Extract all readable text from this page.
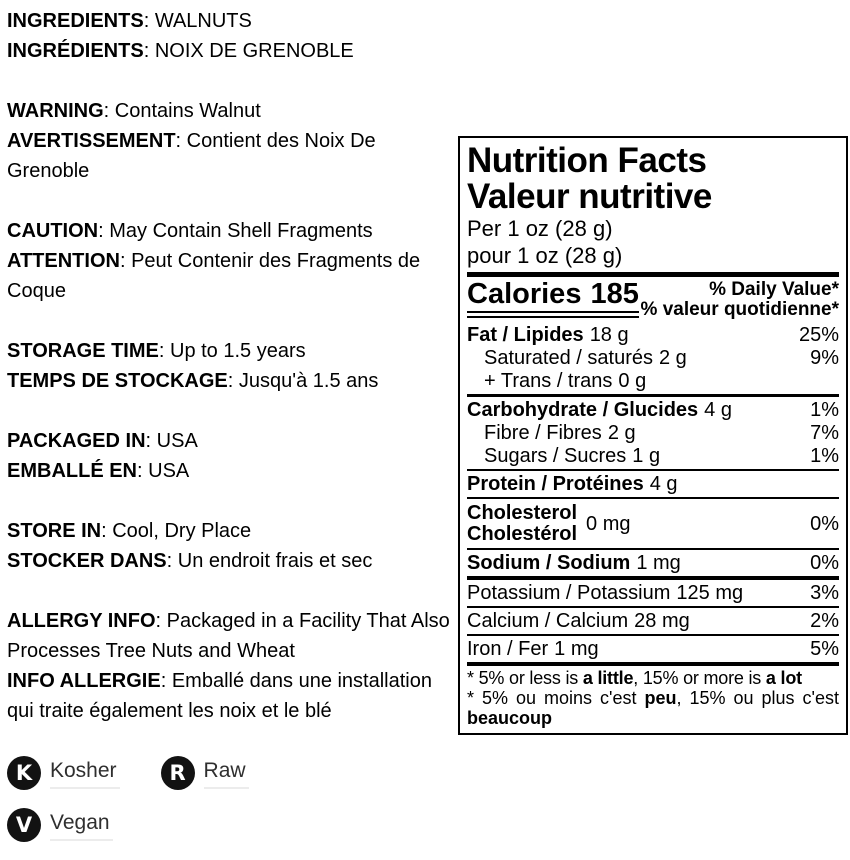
INGREDIENTS: WALNUTS
INGRÉDIENTS: NOIX DE GRENOBLE
WARNING: Contains Walnut
AVERTISSEMENT: Contient des Noix De Grenoble
CAUTION: May Contain Shell Fragments
ATTENTION: Peut Contenir des Fragments de Coque
STORAGE TIME: Up to 1.5 years
TEMPS DE STOCKAGE: Jusqu'à 1.5 ans
PACKAGED IN: USA
EMBALLÉ EN: USA
STORE IN: Cool, Dry Place
STOCKER DANS: Un endroit frais et sec
ALLERGY INFO: Packaged in a Facility That Also Processes Tree Nuts and Wheat
INFO ALLERGIE: Emballé dans une installation qui traite également les noix et le blé
K Kosher	R Raw
V Vegan
Nutrition Facts
Valeur nutritive
Per 1 oz (28 g)
pour 1 oz (28 g)
Calories 185	% Daily Value*
% valeur quotidienne*
Fat / Lipides 18 g	25%
Saturated / saturés 2 g	9%
+ Trans / trans 0 g
Carbohydrate / Glucides 4 g	1%
Fibre / Fibres 2 g	7%
Sugars / Sucres 1 g	1%
Protein / Protéines 4 g
Cholesterol
Cholestérol 0 mg	0%
Sodium / Sodium 1 mg	0%
Potassium / Potassium 125 mg	3%
Calcium / Calcium 28 mg	2%
Iron / Fer 1 mg	5%
* 5% or less is a little, 15% or more is a lot
* 5% ou moins c'est peu, 15% ou plus c'est beaucoup
